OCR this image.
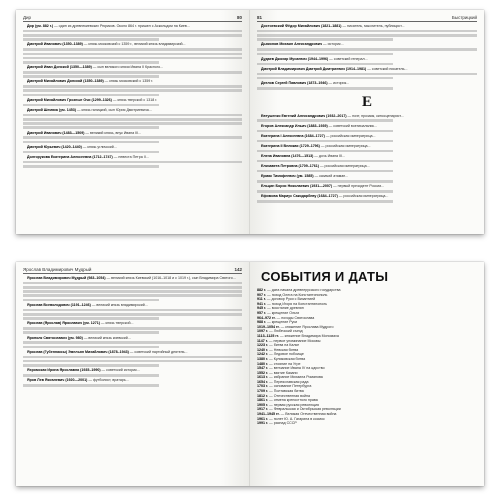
Дир	80

Дир (ум. 882 г.) — один из древнекиевских Рюриков. Около 864 г. пришел с Аскольдом на Киев...

Дмитрий Иванович (1350–1389) — князь московский с 1359 г., великий князь владимирский...

Дмитрий Иван Донской (1350—1389) — сын великого князя Ивана II Красного...

Дмитрий Михайлович Донской (1350–1389) — князь московский с 1359 г.

Дмитрий Михайлович Грозные Очи (1299–1326) — князь тверской с 1318 г.

Дмитрий Шемяка (ум. 1453) — князь галицкий, сын Юрия Дмитриевича...

Дмитрий Иванович (1483—1509) — великий князь, внук Ивана III...

Дмитрий Юрьевич (1420–1440) — князь угличский...

Долгорукова Екатерина Алексеевна (1712–1747) — невеста Петра II...

81	Быстрицкий

Достоевский Фёдор Михайлович (1821–1881) — писатель, мыслитель, публицист...

Дьяконов Михаил Александрович — историк...

Дудаев Джохар Мусаевич (1944–1996) — советский генерал...

Дмитрий Владимирович Дмитрий Дмитриевич (1914–1981) — советский писатель...

Дятлов Сергей Павлович (1873–1946) — историк...

Е

Евтушенко Евгений Александрович (1932–2017) — поэт, прозаик, киносценарист...

Егоров Александр Ильич (1883–1939) — советский военачальник...

Екатерина I Алексеевна (1684–1727) — российская императрица...

Екатерина II Великая (1729–1796) — российская императрица...

Елена Ивановна (1476—1513) — дочь Ивана III...

Елизавета Петровна (1709–1761) — российская императрица...

Ермак Тимофеевич (ум. 1585) — казачий атаман...

Ельцин Борис Николаевич (1931—2007) — первый президент России...

Ефимова Мариус Сакодарбеву (1684–1727) — российская императрица...

Ярослав Владимирович Мудрый	142

Ярослав Владимирович Мудрый (983–1054) — великий князь Киевский (1016–1018 и с 1019 г.), сын Владимира Святого...

Ярослав Всеволодович (1191–1246) — великий князь владимирский...

Ярослав (Ярослав) Ярославич (ум. 1271) — князь тверской...

Ярополк Святославич (ум. 980) — великий князь киевский...

Ярослав (Губеннаксы) Эмельян Михайлович (1878–1943) — советский партийный деятель...

Яхромская Ирина Ярославна (1935–1990) — советский историк...

Яров Лев Яковлевич (1920—2001) — футболист, вратарь...

СОБЫТИЯ И ДАТЫ

882 г. — дата начала древнерусского государства

907 г. — поход Олега на Константинополь

911 г. — договор Руси с Византией

941 г. — поход Игоря на Константинополь

945 г. — восстание древлян

957 г. — крещение Ольги

964–972 гг. — походы Святослава

988 г. — крещение Руси

1019–1054 гг. — княжение Ярослава Мудрого

1097 г. — Любечский съезд

1113–1125 гг. — княжение Владимира Мономаха

1147 г. — первое упоминание Москвы

1223 г. — битва на Калке

1240 г. — Невская битва

1242 г. — Ледовое побоище

1380 г. — Куликовская битва

1480 г. — стояние на Угре

1547 г. — венчание Ивана IV на царство

1552 г. — взятие Казани

1613 г. — избрание Михаила Романова

1654 г. — Переяславская рада

1703 г. — основание Петербурга

1709 г. — Полтавская битва

1812 г. — Отечественная война

1861 г. — отмена крепостного права

1905 г. — первая русская революция

1917 г. — Февральская и Октябрьская революции

1941–1945 гг. — Великая Отечественная война

1961 г. — полет Ю. А. Гагарина в космос

1991 г. — распад СССР
